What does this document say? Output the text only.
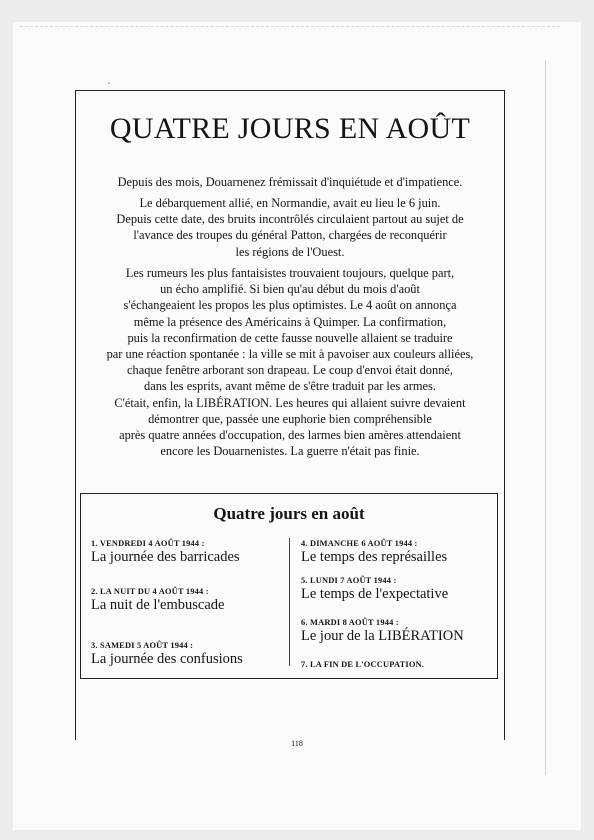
QUATRE JOURS EN AOÛT
Depuis des mois, Douarnenez frémissait d'inquiétude et d'impatience.
Le débarquement allié, en Normandie, avait eu lieu le 6 juin.
Depuis cette date, des bruits incontrôlés circulaient partout au sujet de
l'avance des troupes du général Patton, chargées de reconquérir
les régions de l'Ouest.
Les rumeurs les plus fantaisistes trouvaient toujours, quelque part,
un écho amplifié. Si bien qu'au début du mois d'août
s'échangeaient les propos les plus optimistes. Le 4 août on annonça
même la présence des Américains à Quimper. La confirmation,
puis la reconfirmation de cette fausse nouvelle allaient se traduire
par une réaction spontanée : la ville se mit à pavoiser aux couleurs alliées,
chaque fenêtre arborant son drapeau. Le coup d'envoi était donné,
dans les esprits, avant même de s'être traduit par les armes.
C'était, enfin, la LIBÉRATION. Les heures qui allaient suivre devaient
démontrer que, passée une euphorie bien compréhensible
après quatre années d'occupation, des larmes bien amères attendaient
encore les Douarnenistes. La guerre n'était pas finie.
Quatre jours en août
1. VENDREDI 4 AOÛT 1944 :
La journée des barricades
2. LA NUIT DU 4 AOÛT 1944 :
La nuit de l'embuscade
3. SAMEDI 5 AOÛT 1944 :
La journée des confusions
4. DIMANCHE 6 AOÛT 1944 :
Le temps des représailles
5. LUNDI 7 AOÛT 1944 :
Le temps de l'expectative
6. MARDI 8 AOÛT 1944 :
Le jour de la LIBÉRATION
7. LA FIN DE L'OCCUPATION.
118
